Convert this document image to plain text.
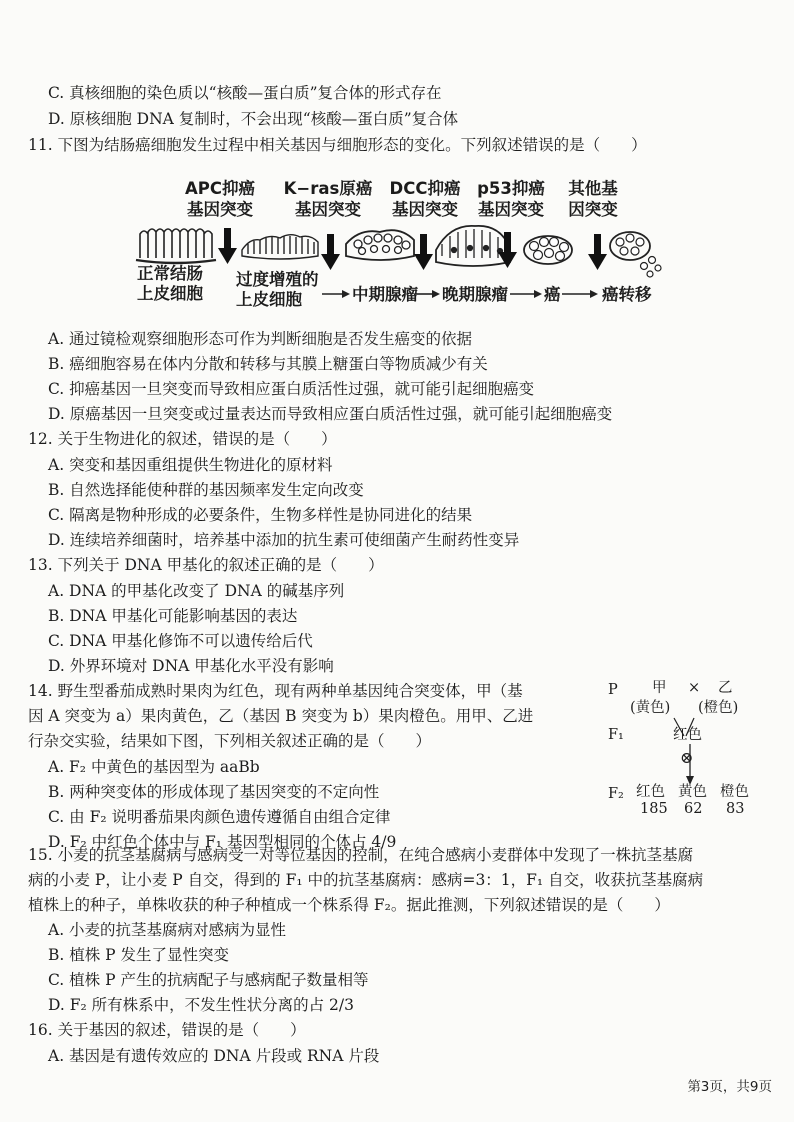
C. 真核细胞的染色质以“核酸—蛋白质”复合体的形式存在
D. 原核细胞 DNA 复制时，不会出现“核酸—蛋白质”复合体
11. 下图为结肠癌细胞发生过程中相关基因与细胞形态的变化。下列叙述错误的是（　　）
APC抑癌
基因突变
K−ras原癌
基因突变
DCC抑癌
基因突变
p53抑癌
基因突变
其他基
因突变
正常结肠
上皮细胞
过度增殖的
上皮细胞	中期腺瘤 晚期腺瘤 癌	癌转移
A. 通过镜检观察细胞形态可作为判断细胞是否发生癌变的依据
B. 癌细胞容易在体内分散和转移与其膜上糖蛋白等物质减少有关
C. 抑癌基因一旦突变而导致相应蛋白质活性过强，就可能引起细胞癌变
D. 原癌基因一旦突变或过量表达而导致相应蛋白质活性过强，就可能引起细胞癌变
12. 关于生物进化的叙述，错误的是（　　）
A. 突变和基因重组提供生物进化的原材料
B. 自然选择能使种群的基因频率发生定向改变
C. 隔离是物种形成的必要条件，生物多样性是协同进化的结果
D. 连续培养细菌时，培养基中添加的抗生素可使细菌产生耐药性变异
13. 下列关于 DNA 甲基化的叙述正确的是（　　）
A. DNA 的甲基化改变了 DNA 的碱基序列
B. DNA 甲基化可能影响基因的表达
C. DNA 甲基化修饰不可以遗传给后代
D. 外界环境对 DNA 甲基化水平没有影响
14. 野生型番茄成熟时果肉为红色，现有两种单基因纯合突变体，甲（基
因 A 突变为 a）果肉黄色，乙（基因 B 突变为 b）果肉橙色。用甲、乙进
行杂交实验，结果如下图，下列相关叙述正确的是（　　）
A. F₂ 中黄色的基因型为 aaBb
B. 两种突变体的形成体现了基因突变的不定向性
C. 由 F₂ 说明番茄果肉颜色遗传遵循自由组合定律
D. F₂ 中红色个体中与 F₁ 基因型相同的个体占 4/9
P 甲 × 乙
(黄色) (橙色)
F₁	红色
⊗
F₂ 红色 黄色 橙色
185 62 83
15. 小麦的抗茎基腐病与感病受一对等位基因的控制，在纯合感病小麦群体中发现了一株抗茎基腐
病的小麦 P，让小麦 P 自交，得到的 F₁ 中的抗茎基腐病：感病=3：1，F₁ 自交，收获抗茎基腐病
植株上的种子，单株收获的种子种植成一个株系得 F₂。据此推测，下列叙述错误的是（　　）
A. 小麦的抗茎基腐病对感病为显性
B. 植株 P 发生了显性突变
C. 植株 P 产生的抗病配子与感病配子数量相等
D. F₂ 所有株系中，不发生性状分离的占 2/3
16. 关于基因的叙述，错误的是（　　）
A. 基因是有遗传效应的 DNA 片段或 RNA 片段
第3页，共9页
